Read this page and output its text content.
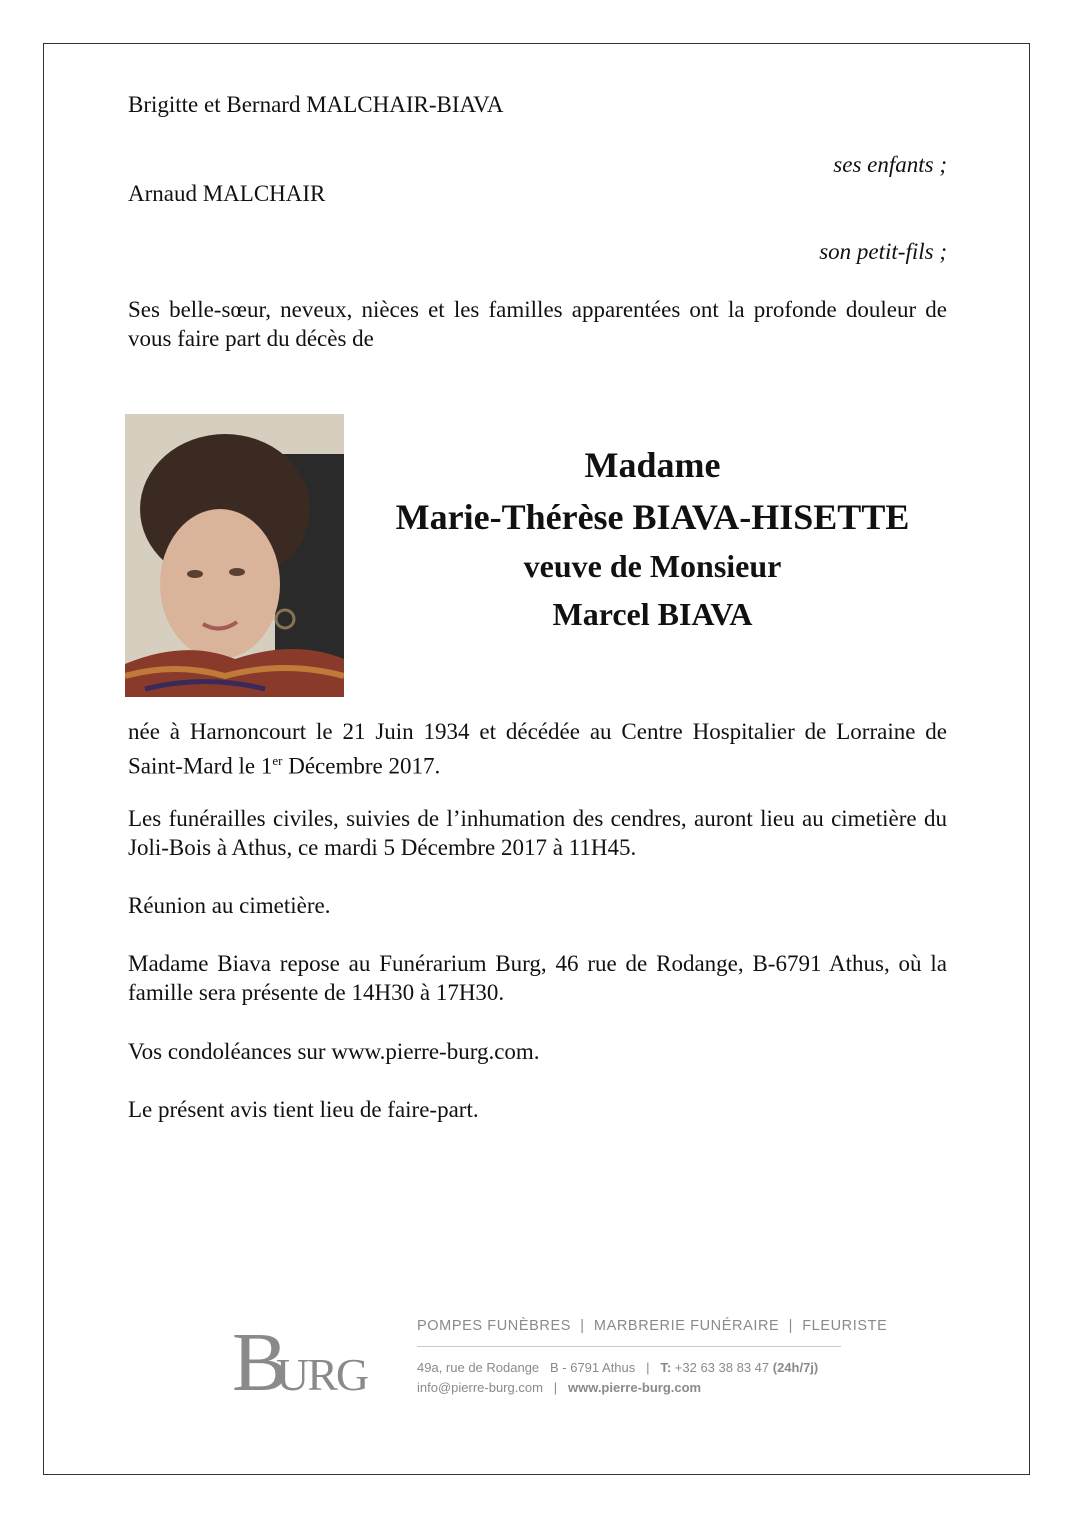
Brigitte et Bernard MALCHAIR-BIAVA

ses enfants ;

Arnaud MALCHAIR

son petit-fils ;

Ses belle-sœur, neveux, nièces et les familles apparentées ont la profonde douleur de vous faire part du décès de

Madame

Marie-Thérèse BIAVA-HISETTE

veuve de Monsieur

Marcel BIAVA

née à Harnoncourt le 21 Juin 1934 et décédée au Centre Hospitalier de Lorraine de Saint-Mard le 1er Décembre 2017.

Les funérailles civiles, suivies de l’inhumation des cendres, auront lieu au cimetière du Joli-Bois à Athus, ce mardi 5 Décembre 2017 à 11H45.

Réunion au cimetière.

Madame Biava repose au Funérarium Burg, 46 rue de Rodange, B-6791 Athus, où la famille sera présente de 14H30 à 17H30.

Vos condoléances sur www.pierre-burg.com.

Le présent avis tient lieu de faire-part.

B
URG
POMPES FUNÈBRES  |  MARBRERIE FUNÉRAIRE  |  FLEURISTE
49a, rue de Rodange   B - 6791 Athus   |   T: +32 63 38 83 47 (24h/7j)
info@pierre-burg.com   |   www.pierre-burg.com
